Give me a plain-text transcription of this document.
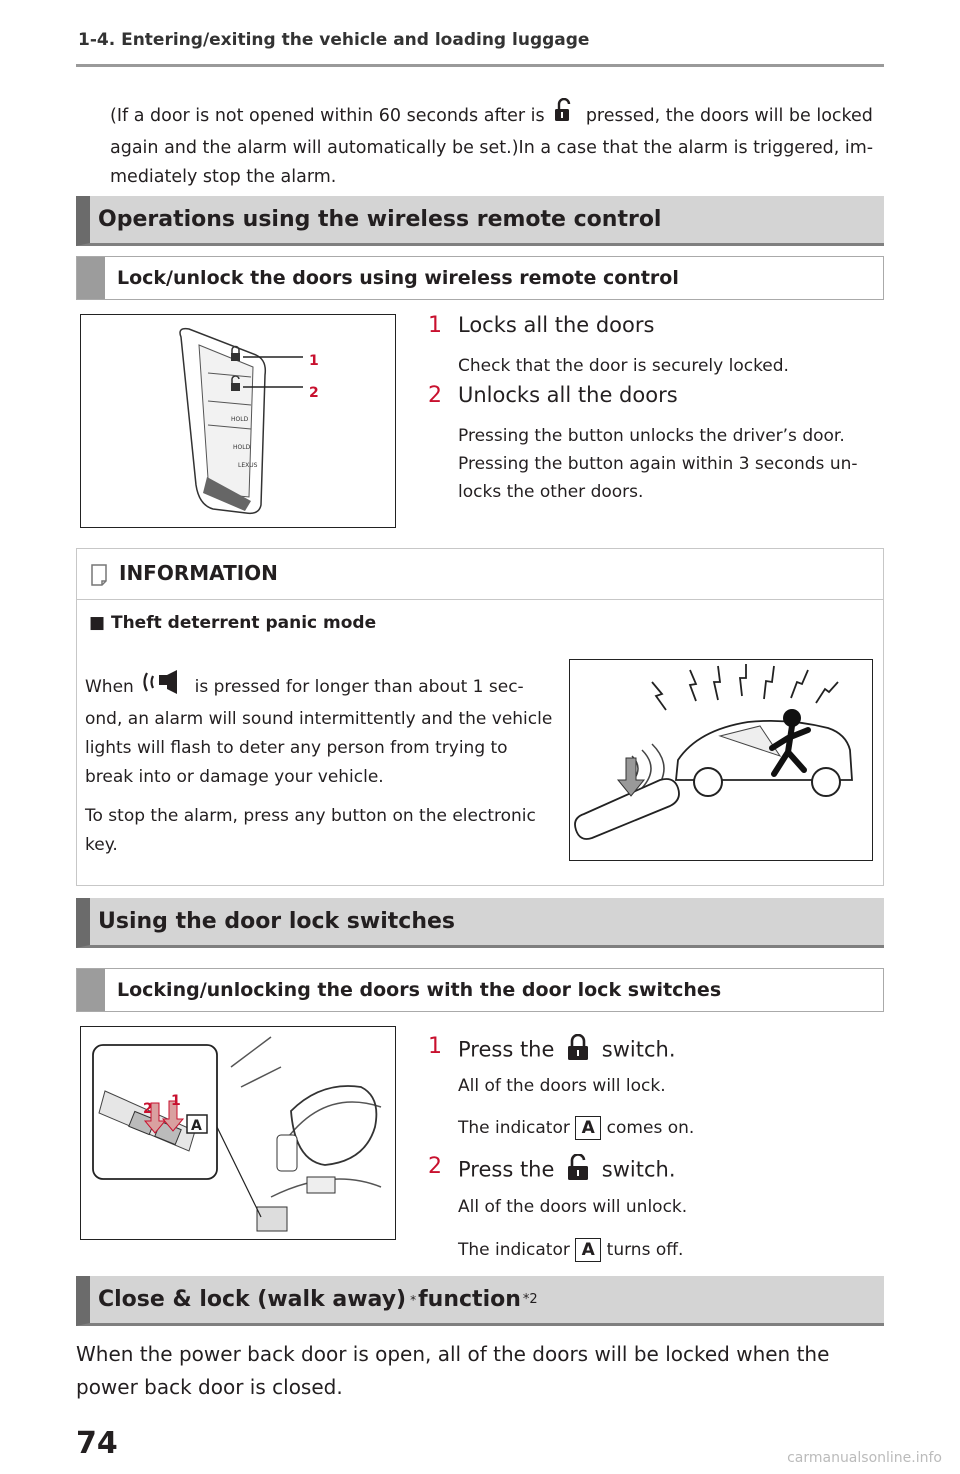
1-4. Entering/exiting the vehicle and loading luggage
(If a door is not opened within 60 seconds after is pressed, the doors will be locked again and the alarm will automatically be set.)In a case that the alarm is triggered, im-mediately stop the alarm.
Operations using the wireless remote control
Lock/unlock the doors using wireless remote control
HOLD
HOLD
LEXUS
1
2
1 Locks all the doors
Check that the door is securely locked.
2 Unlocks all the doors
Pressing the button unlocks the driver’s door. Pressing the button again within 3 seconds un-locks the other doors.
INFORMATION
■ Theft deterrent panic mode

When	is pressed for longer than about 1 sec-ond, an alarm will sound intermittently and the vehicle lights will flash to deter any person from trying to break into or damage your vehicle.

To stop the alarm, press any button on the electronic key.

Using the door lock switches
Locking/unlocking the doors with the door lock switches
2 1
A
1 Press the switch.
All of the doors will lock.
The indicator A comes on.
2 Press the switch.
All of the doors will unlock.
The indicator A turns off.
Close & lock (walk away) * function *2
When the power back door is open, all of the doors will be locked when the power back door is closed.
74	carmanualsonline.info
